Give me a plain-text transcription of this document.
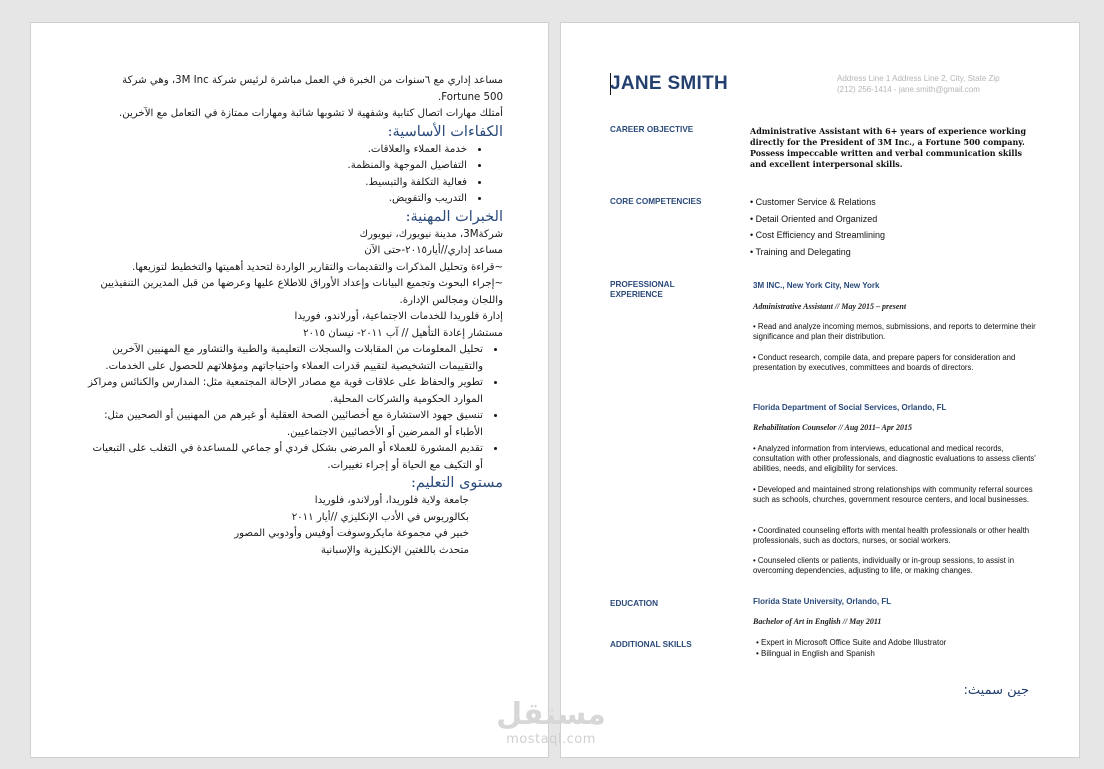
مساعد إداري مع ٦سنوات من الخبرة في العمل مباشرة لرئيس شركة 3M Inc، وهي شركة Fortune 500.

أمتلك مهارات اتصال كتابية وشفهية لا تشوبها شائبة ومهارات ممتازة في التعامل مع الآخرين.

الكفاءات الأساسية:
• خدمة العملاء والعلاقات.
• التفاصيل الموجهة والمنظمة.
• فعالية التكلفة والتبسيط.
• التدريب والتفويض.
الخبرات المهنية:

شركة3M، مدينة نيويورك، نيويورك

مساعد إداري//أيار٢٠١٥-حتى الآن

~قراءة وتحليل المذكرات والتقديمات والتقارير الواردة لتحديد أهميتها والتخطيط لتوزيعها.

~إجراء البحوث وتجميع البيانات وإعداد الأوراق للاطلاع عليها وعرضها من قبل المديرين التنفيذيين واللجان ومجالس الإدارة.

إدارة فلوريدا للخدمات الاجتماعية، أورلاندو، فوريدا

مستشار إعادة التأهيل // آب ٢٠١١- نيسان ٢٠١٥

• تحليل المعلومات من المقابلات والسجلات التعليمية والطبية والتشاور مع المهنيين الآخرين والتقييمات التشخيصية لتقييم قدرات العملاء واحتياجاتهم ومؤهلاتهم للحصول على الخدمات.
• تطوير والحفاظ على علاقات قوية مع مصادر الإحالة المجتمعية مثل: المدارس والكنائس ومراكز الموارد الحكومية والشركات المحلية.
• تنسيق جهود الاستشارة مع أخصائيين الصحة العقلية أو غيرهم من المهنيين أو الصحيين مثل: الأطباء أو الممرضين أو الأخصائيين الاجتماعيين.
• تقديم المشورة للعملاء أو المرضى بشكل فردي أو جماعي للمساعدة في التغلب على التبعيات أو التكيف مع الحياة أو إجراء تغييرات.
مستوى التعليم:

جامعة ولاية فلوريدا، أورلاندو، فلوريدا

بكالوريوس في الأدب الإنكليزي //أيار ٢٠١١

خبير في مجموعة مايكروسوفت أوفيس وأودوبي المصور

متحدث باللغتين الإنكليزية والإسبانية

JANE SMITH	Address Line 1 Address Line 2, City, State Zip
(212) 256-1414 - jane.smith@gmail.com
CAREER OBJECTIVE	Administrative Assistant with 6+ years of experience working directly for the President of 3M Inc., a Fortune 500 company. Possess impeccable written and verbal communication skills and excellent interpersonal skills.
CORE COMPETENCIES	• Customer Service & Relations
• Detail Oriented and Organized
• Cost Efficiency and Streamlining
• Training and Delegating
PROFESSIONAL EXPERIENCE
3M INC., New York City, New York
Administrative Assistant // May 2015 – present
• Read and analyze incoming memos, submissions, and reports to determine their significance and plan their distribution.
• Conduct research, compile data, and prepare papers for consideration and presentation by executives, committees and boards of directors.
Florida Department of Social Services, Orlando, FL
Rehabilitation Counselor // Aug 2011– Apr 2015
• Analyzed information from interviews, educational and medical records, consultation with other professionals, and diagnostic evaluations to assess clients' abilities, needs, and eligibility for services.
• Developed and maintained strong relationships with community referral sources such as schools, churches, government resource centers, and local businesses.
• Coordinated counseling efforts with mental health professionals or other health professionals, such as doctors, nurses, or social workers.
• Counseled clients or patients, individually or in-group sessions, to assist in overcoming dependencies, adjusting to life, or making changes.
EDUCATION	Florida State University, Orlando, FL
Bachelor of Art in English // May 2011
ADDITIONAL SKILLS	• Expert in Microsoft Office Suite and Adobe Illustrator
• Bilingual in English and Spanish
جين سميث:
مستقل
mostaql.com
